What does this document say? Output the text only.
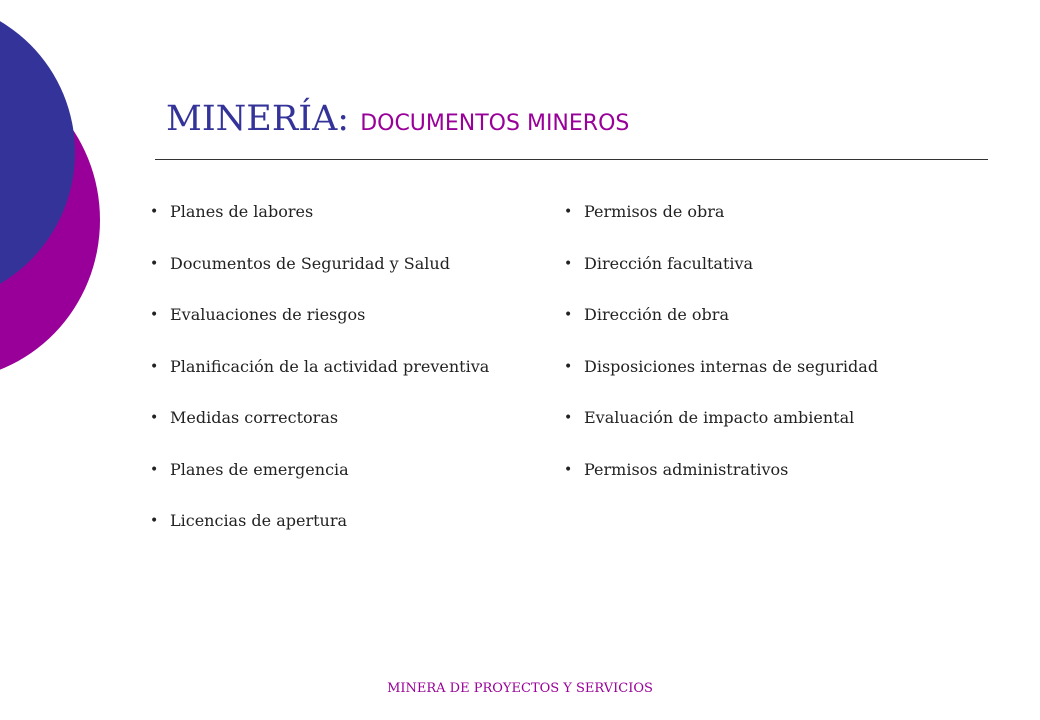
MINERÍA: DOCUMENTOS MINEROS
• Planes de labores
• Documentos de Seguridad y Salud
• Evaluaciones de riesgos
• Planificación de la actividad preventiva
• Medidas correctoras
• Planes de emergencia
• Licencias de apertura
• Permisos de obra
• Dirección facultativa
• Dirección de obra
• Disposiciones internas de seguridad
• Evaluación de impacto ambiental
• Permisos administrativos
MINERA DE PROYECTOS Y SERVICIOS
